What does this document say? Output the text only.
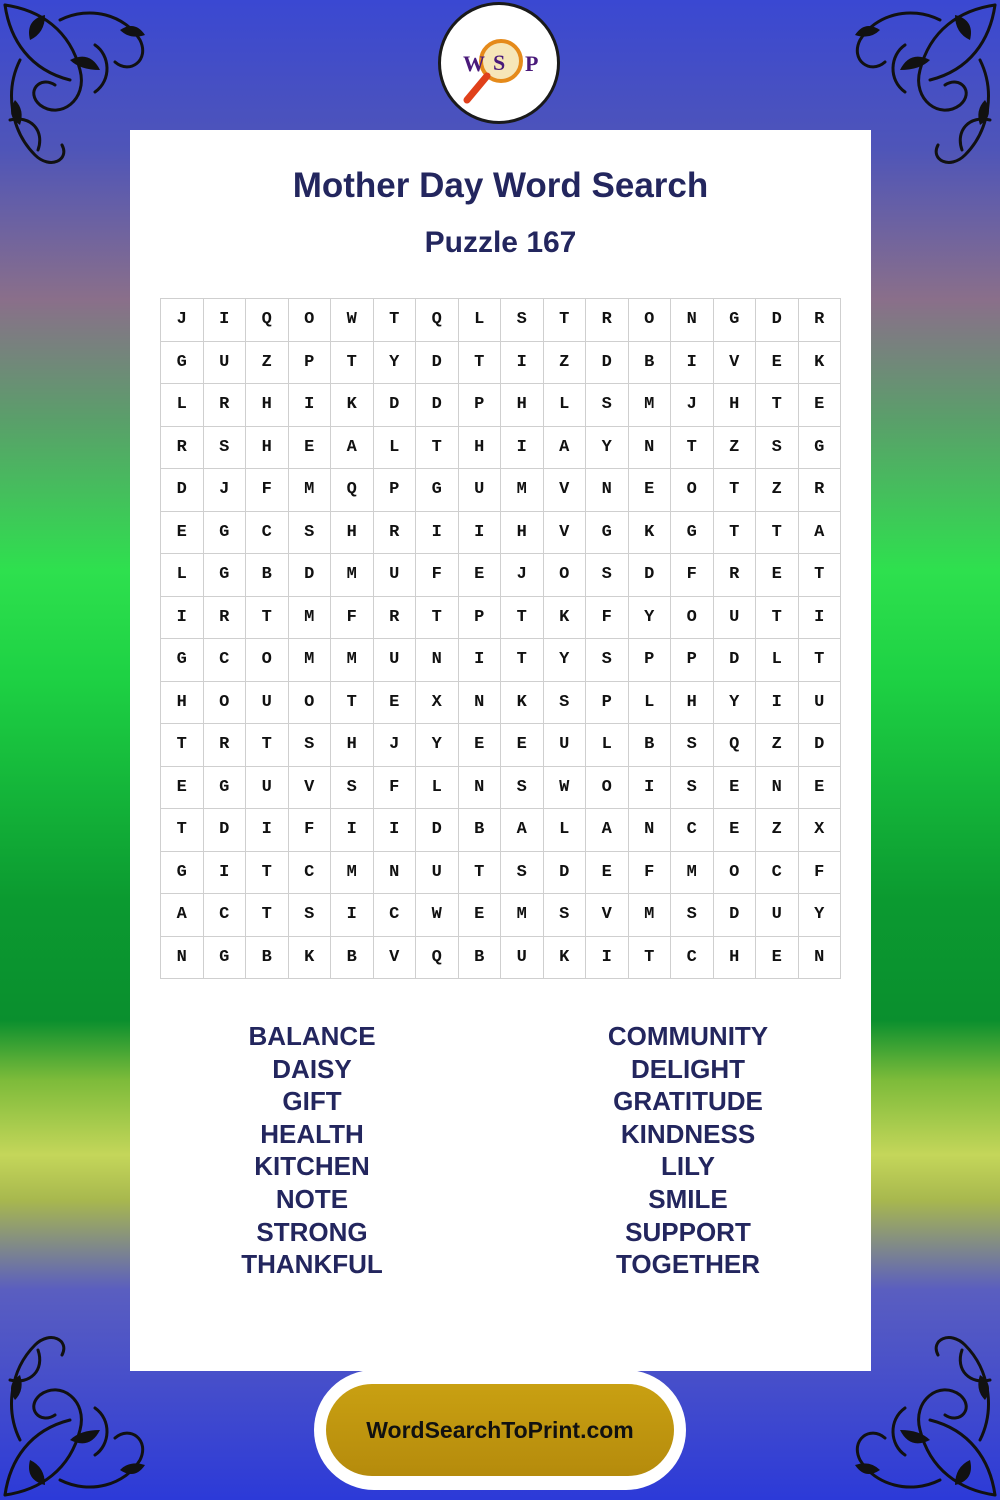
W S P
Mother Day Word Search
Puzzle 167
J	I	Q	O	W	T	Q	L	S	T	R	O	N	G	D	R
G	U	Z	P	T	Y	D	T	I	Z	D	B	I	V	E	K
L	R	H	I	K	D	D	P	H	L	S	M	J	H	T	E
R	S	H	E	A	L	T	H	I	A	Y	N	T	Z	S	G
D	J	F	M	Q	P	G	U	M	V	N	E	O	T	Z	R
E	G	C	S	H	R	I	I	H	V	G	K	G	T	T	A
L	G	B	D	M	U	F	E	J	O	S	D	F	R	E	T
I	R	T	M	F	R	T	P	T	K	F	Y	O	U	T	I
G	C	O	M	M	U	N	I	T	Y	S	P	P	D	L	T
H	O	U	O	T	E	X	N	K	S	P	L	H	Y	I	U
T	R	T	S	H	J	Y	E	E	U	L	B	S	Q	Z	D
E	G	U	V	S	F	L	N	S	W	O	I	S	E	N	E
T	D	I	F	I	I	D	B	A	L	A	N	C	E	Z	X
G	I	T	C	M	N	U	T	S	D	E	F	M	O	C	F
A	C	T	S	I	C	W	E	M	S	V	M	S	D	U	Y
N	G	B	K	B	V	Q	B	U	K	I	T	C	H	E	N
BALANCE
DAISY
GIFT
HEALTH
KITCHEN
NOTE
STRONG
THANKFUL
COMMUNITY
DELIGHT
GRATITUDE
KINDNESS
LILY
SMILE
SUPPORT
TOGETHER
WordSearchToPrint.com
